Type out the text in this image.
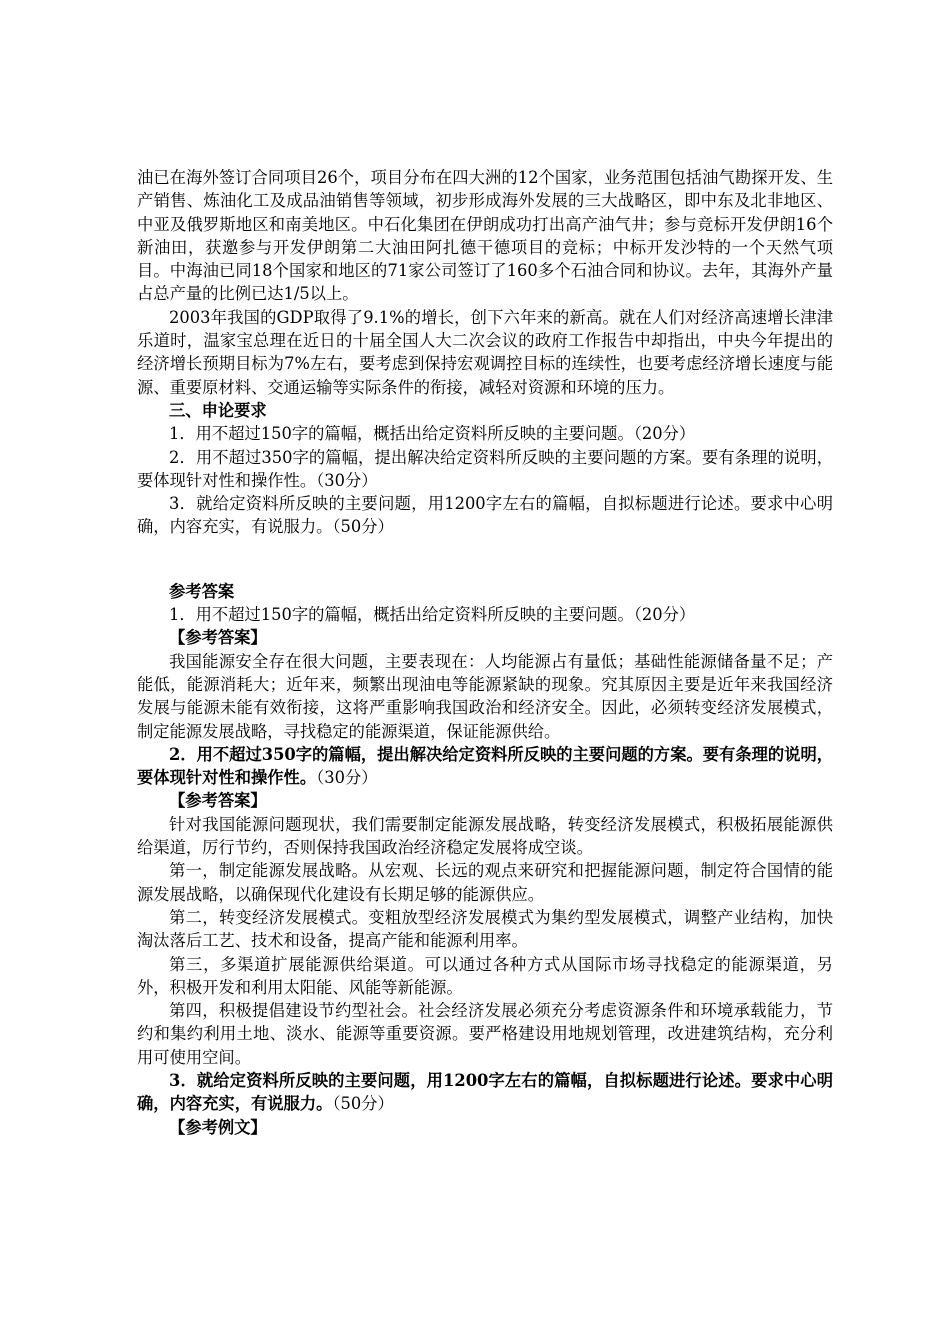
油已在海外签订合同项目26个，项目分布在四大洲的12个国家，业务范围包括油气勘探开发、生产销售、炼油化工及成品油销售等领域，初步形成海外发展的三大战略区，即中东及北非地区、中亚及俄罗斯地区和南美地区。中石化集团在伊朗成功打出高产油气井；参与竞标开发伊朗16个新油田，获邀参与开发伊朗第二大油田阿扎德干德项目的竞标；中标开发沙特的一个天然气项目。中海油已同18个国家和地区的71家公司签订了160多个石油合同和协议。去年，其海外产量占总产量的比例已达1/5以上。

2003年我国的GDP取得了9.1%的增长，创下六年来的新高。就在人们对经济高速增长津津乐道时，温家宝总理在近日的十届全国人大二次会议的政府工作报告中却指出，中央今年提出的经济增长预期目标为7%左右，要考虑到保持宏观调控目标的连续性，也要考虑经济增长速度与能源、重要原材料、交通运输等实际条件的衔接，减轻对资源和环境的压力。

三、申论要求

1．用不超过150字的篇幅，概括出给定资料所反映的主要问题。（20分）

2．用不超过350字的篇幅，提出解决给定资料所反映的主要问题的方案。要有条理的说明，要体现针对性和操作性。（30分）

3．就给定资料所反映的主要问题，用1200字左右的篇幅，自拟标题进行论述。要求中心明确，内容充实，有说服力。（50分）

参考答案

1．用不超过150字的篇幅，概括出给定资料所反映的主要问题。（20分）

【参考答案】

我国能源安全存在很大问题，主要表现在：人均能源占有量低；基础性能源储备量不足；产能低，能源消耗大；近年来，频繁出现油电等能源紧缺的现象。究其原因主要是近年来我国经济发展与能源未能有效衔接，这将严重影响我国政治和经济安全。因此，必须转变经济发展模式，制定能源发展战略，寻找稳定的能源渠道，保证能源供给。

2．用不超过350字的篇幅，提出解决给定资料所反映的主要问题的方案。要有条理的说明，要体现针对性和操作性。（30分）

【参考答案】

针对我国能源问题现状，我们需要制定能源发展战略，转变经济发展模式，积极拓展能源供给渠道，厉行节约，否则保持我国政治经济稳定发展将成空谈。

第一，制定能源发展战略。从宏观、长远的观点来研究和把握能源问题，制定符合国情的能源发展战略，以确保现代化建设有长期足够的能源供应。

第二，转变经济发展模式。变粗放型经济发展模式为集约型发展模式，调整产业结构，加快淘汰落后工艺、技术和设备，提高产能和能源利用率。

第三，多渠道扩展能源供给渠道。可以通过各种方式从国际市场寻找稳定的能源渠道，另外，积极开发和利用太阳能、风能等新能源。

第四，积极提倡建设节约型社会。社会经济发展必须充分考虑资源条件和环境承载能力，节约和集约利用土地、淡水、能源等重要资源。要严格建设用地规划管理，改进建筑结构，充分利用可使用空间。

3．就给定资料所反映的主要问题，用1200字左右的篇幅，自拟标题进行论述。要求中心明确，内容充实，有说服力。（50分）

【参考例文】
